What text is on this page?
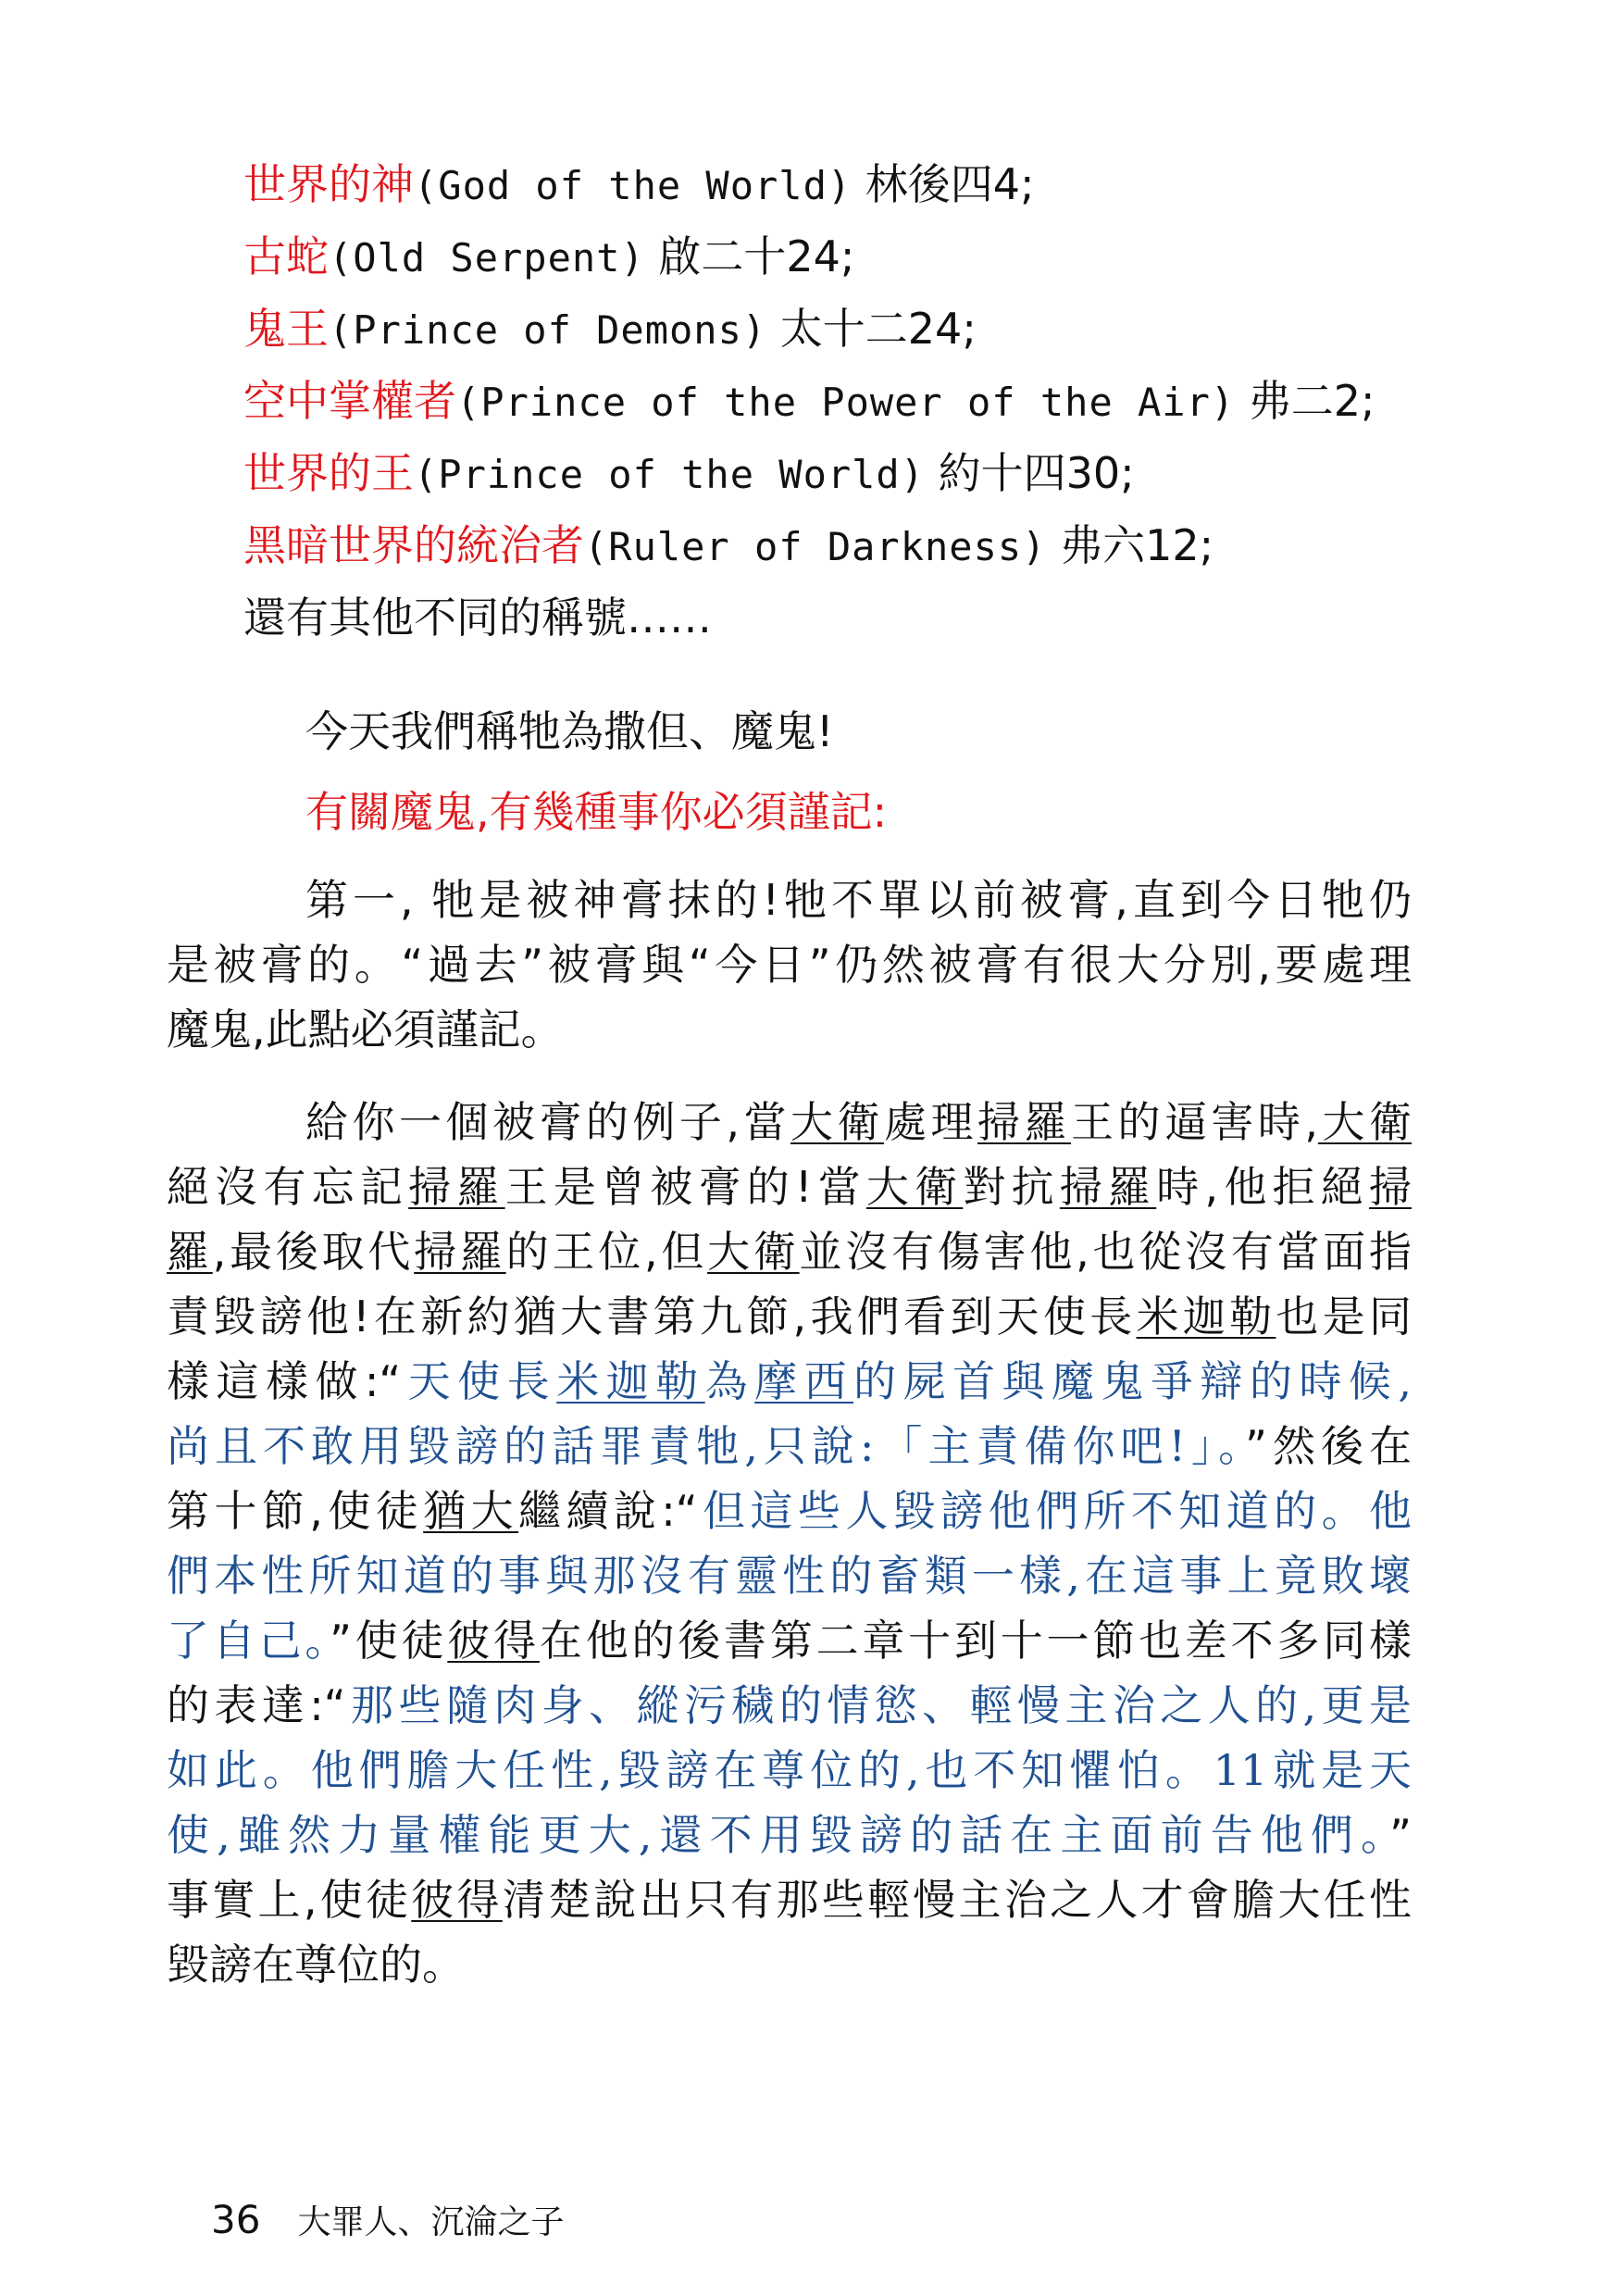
世界的神(God of the World) 林後四4;
古蛇(Old Serpent) 啟二十24;
鬼王(Prince of Demons) 太十二24;
空中掌權者(Prince of the Power of the Air) 弗二2;
世界的王(Prince of the World) 約十四30;
黑暗世界的統治者(Ruler of Darkness) 弗六12;
還有其他不同的稱號……
今天我們稱牠為撒但、魔鬼!
有關魔鬼,有幾種事你必須謹記:
第一, 牠是被神膏抹的!牠不單以前被膏,直到今日牠仍
是被膏的。“過去”被膏與“今日”仍然被膏有很大分別,要處理
魔鬼,此點必須謹記。
給你一個被膏的例子,當大衛處理掃羅王的逼害時,大衛
絕沒有忘記掃羅王是曾被膏的!當大衛對抗掃羅時,他拒絕掃
羅,最後取代掃羅的王位,但大衛並沒有傷害他,也從沒有當面指
責毀謗他!在新約猶大書第九節,我們看到天使長米迦勒也是同
樣這樣做:“天使長米迦勒為摩西的屍首與魔鬼爭辯的時候,
尚且不敢用毀謗的話罪責牠,只說:「主責備你吧!」。”然後在
第十節,使徒猶大繼續說:“但這些人毀謗他們所不知道的。他
們本性所知道的事與那沒有靈性的畜類一樣,在這事上竟敗壞
了自己。”使徒彼得在他的後書第二章十到十一節也差不多同樣
的表達:“那些隨肉身、縱污穢的情慾、輕慢主治之人的,更是
如此。他們膽大任性,毀謗在尊位的,也不知懼怕。11就是天
使,雖然力量權能更大,還不用毀謗的話在主面前告他們。”
事實上,使徒彼得清楚說出只有那些輕慢主治之人才會膽大任性
毀謗在尊位的。
36 大罪人、沉淪之子
